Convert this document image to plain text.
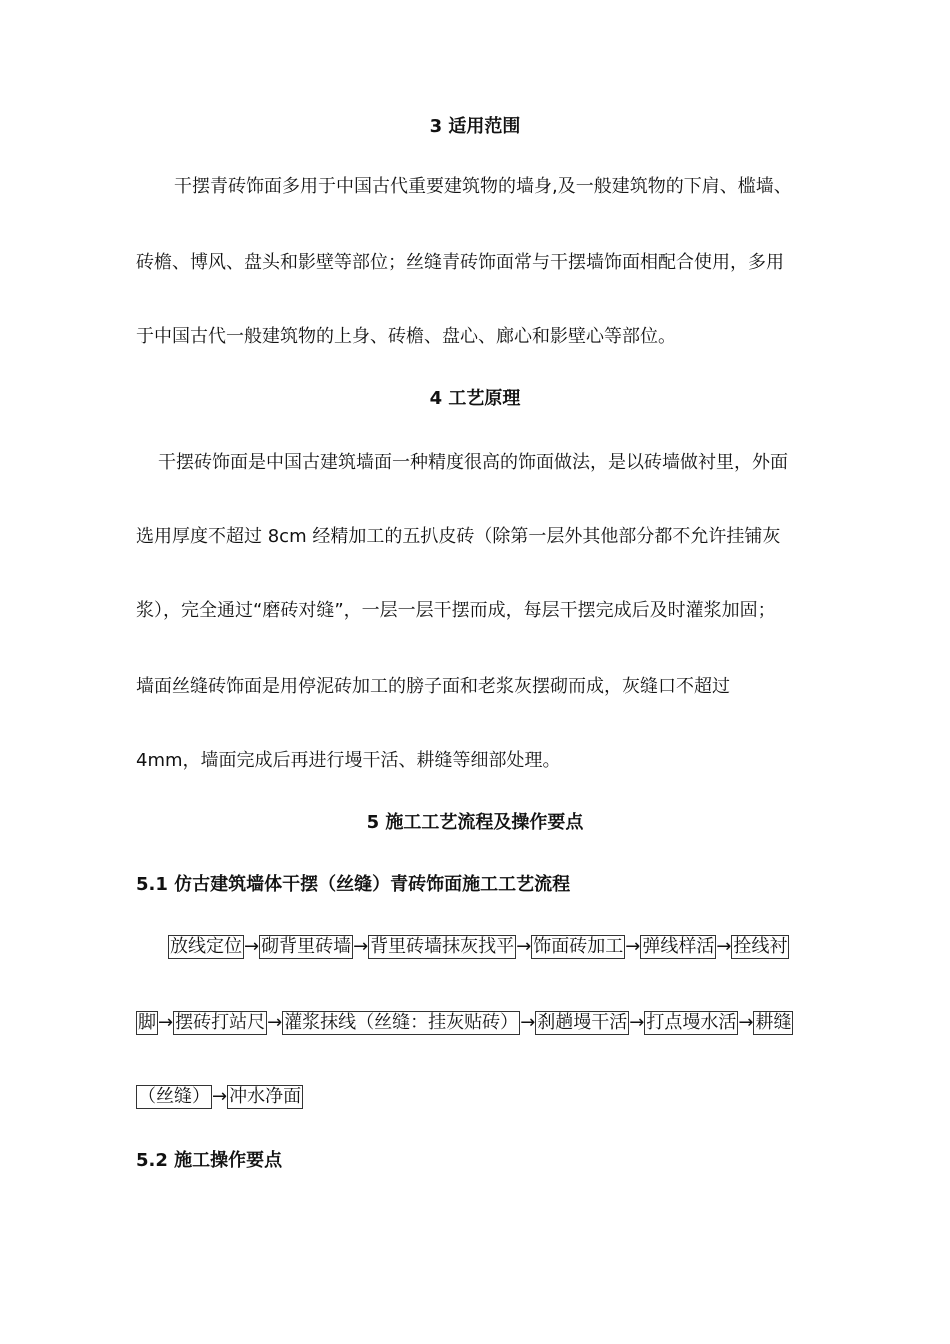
3 适用范围
干摆青砖饰面多用于中国古代重要建筑物的墙身,及一般建筑物的下肩、槛墙、
砖檐、博风、盘头和影壁等部位；丝缝青砖饰面常与干摆墙饰面相配合使用，多用
于中国古代一般建筑物的上身、砖檐、盘心、廊心和影壁心等部位。
4 工艺原理
干摆砖饰面是中国古建筑墙面一种精度很高的饰面做法，是以砖墙做衬里，外面
选用厚度不超过 8cm 经精加工的五扒皮砖（除第一层外其他部分都不允许挂铺灰
浆），完全通过“磨砖对缝”，一层一层干摆而成，每层干摆完成后及时灌浆加固；
墙面丝缝砖饰面是用停泥砖加工的膀子面和老浆灰摆砌而成，灰缝口不超过
4mm，墙面完成后再进行墁干活、耕缝等细部处理。
5 施工工艺流程及操作要点
5.1 仿古建筑墙体干摆（丝缝）青砖饰面施工工艺流程
放线定位 → 砌背里砖墙 → 背里砖墙抹灰找平 → 饰面砖加工 → 弹线样活 → 拴线衬
脚 → 摆砖打站尺 → 灌浆抹线（丝缝：挂灰贴砖） → 刹趟墁干活 → 打点墁水活 → 耕缝
（丝缝） → 冲水净面
5.2 施工操作要点
